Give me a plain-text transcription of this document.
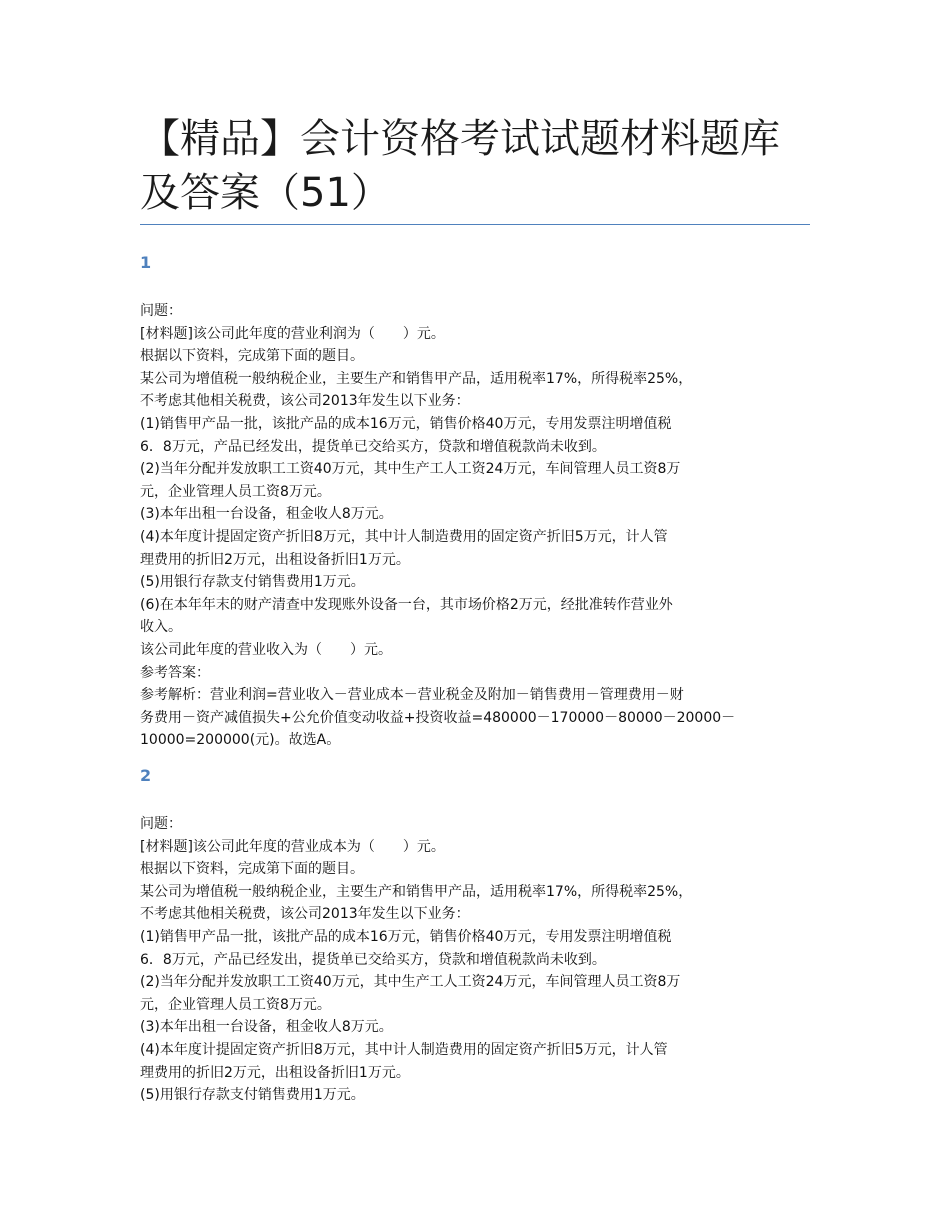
【精品】会计资格考试试题材料题库
及答案（51）
1
问题：
[材料题]该公司此年度的营业利润为（　　）元。
根据以下资料，完成第下面的题目。
某公司为增值税一般纳税企业，主要生产和销售甲产品，适用税率17%，所得税率25%，
不考虑其他相关税费，该公司2013年发生以下业务：
(1)销售甲产品一批，该批产品的成本16万元，销售价格40万元，专用发票注明增值税
6．8万元，产品已经发出，提货单已交给买方，贷款和增值税款尚未收到。
(2)当年分配并发放职工工资40万元，其中生产工人工资24万元，车间管理人员工资8万
元，企业管理人员工资8万元。
(3)本年出租一台设备，租金收人8万元。
(4)本年度计提固定资产折旧8万元，其中计人制造费用的固定资产折旧5万元，计人管
理费用的折旧2万元，出租设备折旧1万元。
(5)用银行存款支付销售费用1万元。
(6)在本年年末的财产清查中发现账外设备一台，其市场价格2万元，经批准转作营业外
收入。
该公司此年度的营业收入为（　　）元。
参考答案：
参考解析：营业利润=营业收入－营业成本－营业税金及附加－销售费用－管理费用－财
务费用－资产减值损失+公允价值变动收益+投资收益=480000－170000－80000－20000－
10000=200000(元)。故选A。
2
问题：
[材料题]该公司此年度的营业成本为（　　）元。
根据以下资料，完成第下面的题目。
某公司为增值税一般纳税企业，主要生产和销售甲产品，适用税率17%，所得税率25%，
不考虑其他相关税费，该公司2013年发生以下业务：
(1)销售甲产品一批，该批产品的成本16万元，销售价格40万元，专用发票注明增值税
6．8万元，产品已经发出，提货单已交给买方，贷款和增值税款尚未收到。
(2)当年分配并发放职工工资40万元，其中生产工人工资24万元，车间管理人员工资8万
元，企业管理人员工资8万元。
(3)本年出租一台设备，租金收人8万元。
(4)本年度计提固定资产折旧8万元，其中计人制造费用的固定资产折旧5万元，计人管
理费用的折旧2万元，出租设备折旧1万元。
(5)用银行存款支付销售费用1万元。
